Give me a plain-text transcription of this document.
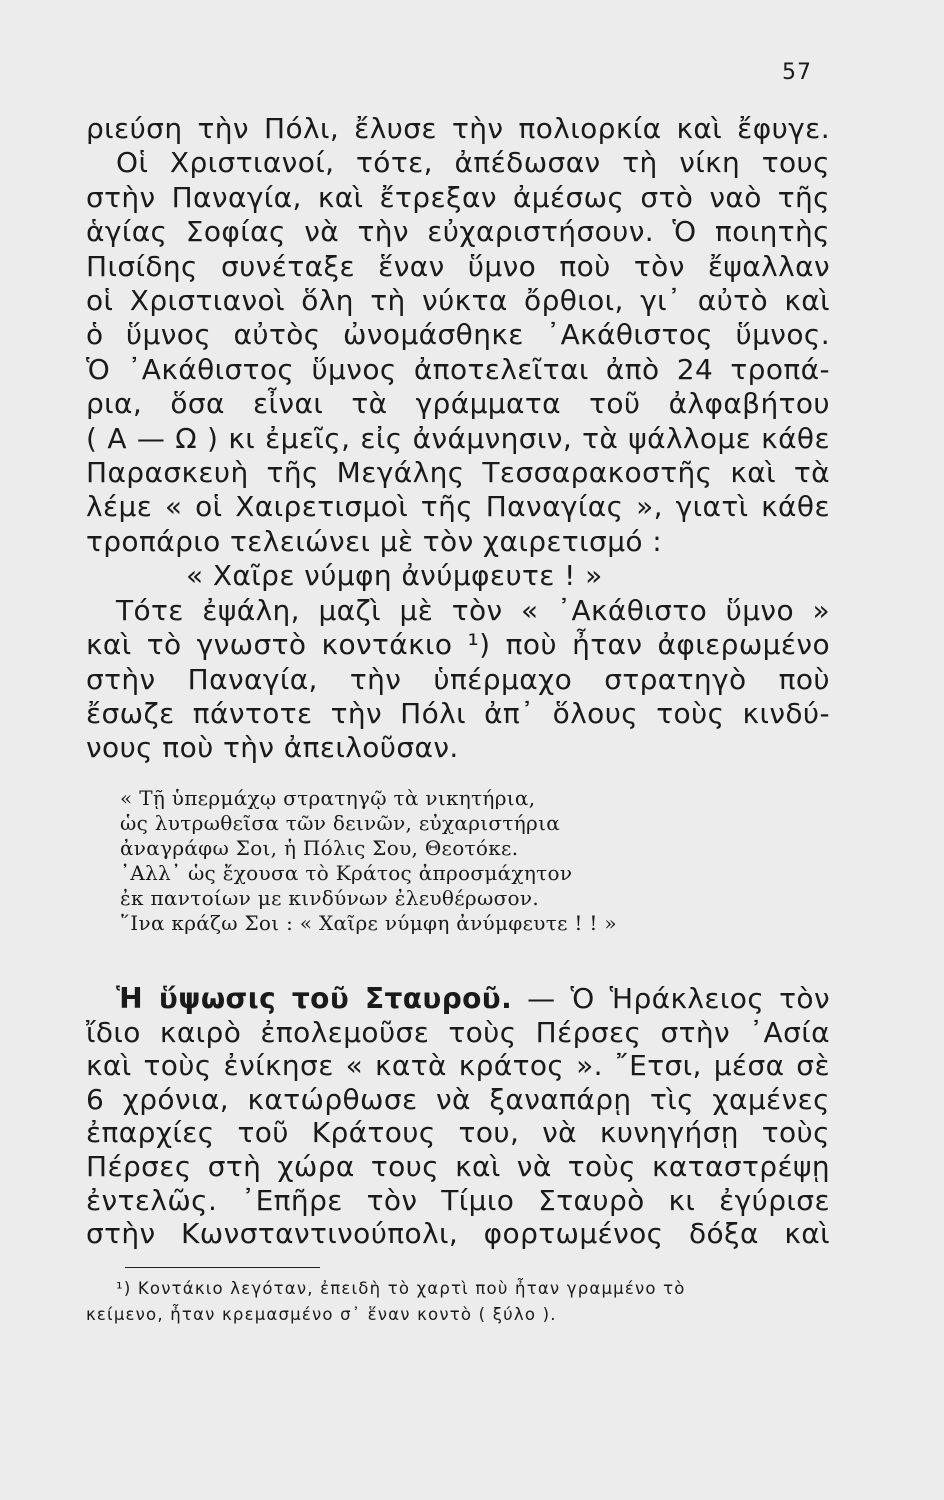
57
ριεύση τὴν Πόλι, ἔλυσε τὴν πολιορκία καὶ ἔφυγε.
Οἱ Χριστιανοί, τότε, ἀπέδωσαν τὴ νίκη τους
στὴν Παναγία, καὶ ἔτρεξαν ἀμέσως στὸ ναὸ τῆς
ἁγίας Σοφίας νὰ τὴν εὐχαριστήσουν. Ὁ ποιητὴς
Πισίδης συνέταξε ἕναν ὕμνο ποὺ τὸν ἔψαλλαν
οἱ Χριστιανοὶ ὅλη τὴ νύκτα ὄρθιοι, γι᾿ αὐτὸ καὶ
ὁ ὕμνος αὐτὸς ὠνομάσθηκε ᾿Ακάθιστος ὕμνος.
Ὁ ᾿Ακάθιστος ὕμνος ἀποτελεῖται ἀπὸ 24 τροπά-
ρια, ὅσα εἶναι τὰ γράμματα τοῦ ἀλφαβήτου
( Α — Ω ) κι ἐμεῖς, εἰς ἀνάμνησιν, τὰ ψάλλομε κάθε
Παρασκευὴ τῆς Μεγάλης Τεσσαρακοστῆς καὶ τὰ
λέμε « οἱ Χαιρετισμοὶ τῆς Παναγίας », γιατὶ κάθε
τροπάριο τελειώνει μὲ τὸν χαιρετισμό :
« Χαῖρε νύμφη ἀνύμφευτε ! »
Τότε ἐψάλη, μαζὶ μὲ τὸν « ᾿Ακάθιστο ὕμνο »
καὶ τὸ γνωστὸ κοντάκιο ¹) ποὺ ἦταν ἀφιερωμένο
στὴν Παναγία, τὴν ὑπέρμαχο στρατηγὸ ποὺ
ἔσωζε πάντοτε τὴν Πόλι ἀπ᾿ ὅλους τοὺς κινδύ-
νους ποὺ τὴν ἀπειλοῦσαν.
« Τῇ ὑπερμάχῳ στρατηγῷ τὰ νικητήρια,
ὡς λυτρωθεῖσα τῶν δεινῶν, εὐχαριστήρια
ἀναγράφω Σοι, ἡ Πόλις Σου, Θεοτόκε.
᾿Αλλ᾿ ὡς ἔχουσα τὸ Κράτος ἀπροσμάχητον
ἐκ παντοίων με κινδύνων ἐλευθέρωσον.
῞Ινα κράζω Σοι : « Χαῖρε νύμφη ἀνύμφευτε ! ! »
Ἡ ὕψωσις τοῦ Σταυροῦ. — Ὁ Ἡράκλειος τὸν
ἴδιο καιρὸ ἐπολεμοῦσε τοὺς Πέρσες στὴν ᾿Ασία
καὶ τοὺς ἐνίκησε « κατὰ κράτος ». ῎Ετσι, μέσα σὲ
6 χρόνια, κατώρθωσε νὰ ξαναπάρῃ τὶς χαμένες
ἐπαρχίες τοῦ Κράτους του, νὰ κυνηγήσῃ τοὺς
Πέρσες στὴ χώρα τους καὶ νὰ τοὺς καταστρέψῃ
ἐντελῶς. ᾿Επῆρε τὸν Τίμιο Σταυρὸ κι ἐγύρισε
στὴν Κωνσταντινούπολι, φορτωμένος δόξα καὶ
¹) Κοντάκιο λεγόταν, ἐπειδὴ τὸ χαρτὶ ποὺ ἦταν γραμμένο τὸ
κείμενο, ἦταν κρεμασμένο σ᾿ ἕναν κοντὸ ( ξύλο ).
